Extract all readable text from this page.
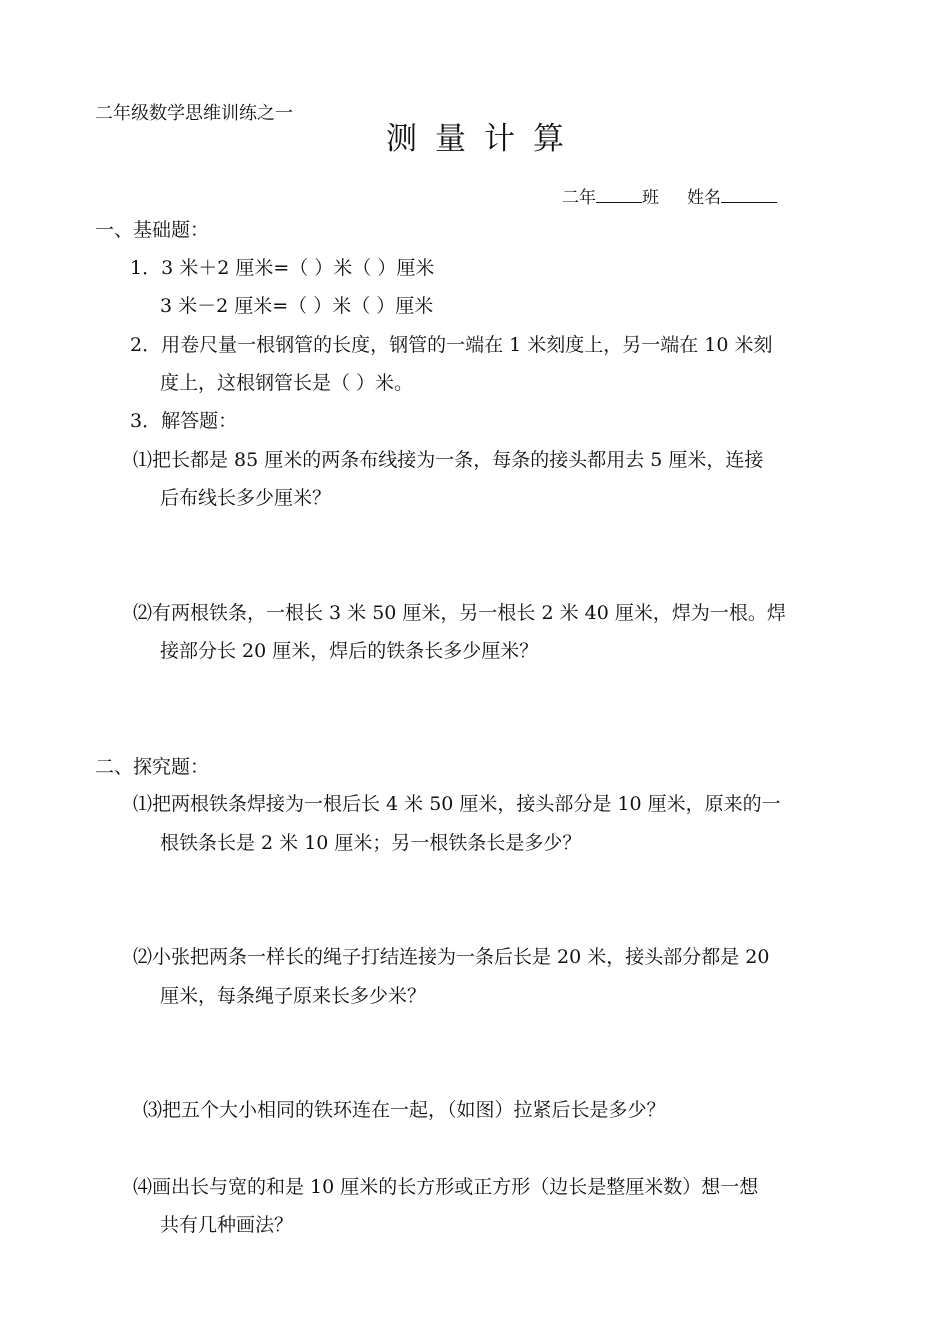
二年级数学思维训练之一
测量计算
二年	班 姓名
一、基础题：
1．3 米＋2 厘米=（ ）米（ ）厘米
3 米－2 厘米=（ ）米（ ）厘米
2．用卷尺量一根钢管的长度，钢管的一端在 1 米刻度上，另一端在 10 米刻
度上，这根钢管长是（ ）米。
3．解答题：
⑴把长都是 85 厘米的两条布线接为一条，每条的接头都用去 5 厘米，连接
后布线长多少厘米？
⑵有两根铁条，一根长 3 米 50 厘米，另一根长 2 米 40 厘米，焊为一根。焊
接部分长 20 厘米，焊后的铁条长多少厘米？
二、探究题：
⑴把两根铁条焊接为一根后长 4 米 50 厘米，接头部分是 10 厘米，原来的一
根铁条长是 2 米 10 厘米；另一根铁条长是多少？
⑵小张把两条一样长的绳子打结连接为一条后长是 20 米，接头部分都是 20
厘米，每条绳子原来长多少米？
⑶把五个大小相同的铁环连在一起，（如图）拉紧后长是多少？
⑷画出长与宽的和是 10 厘米的长方形或正方形（边长是整厘米数）想一想
共有几种画法？
